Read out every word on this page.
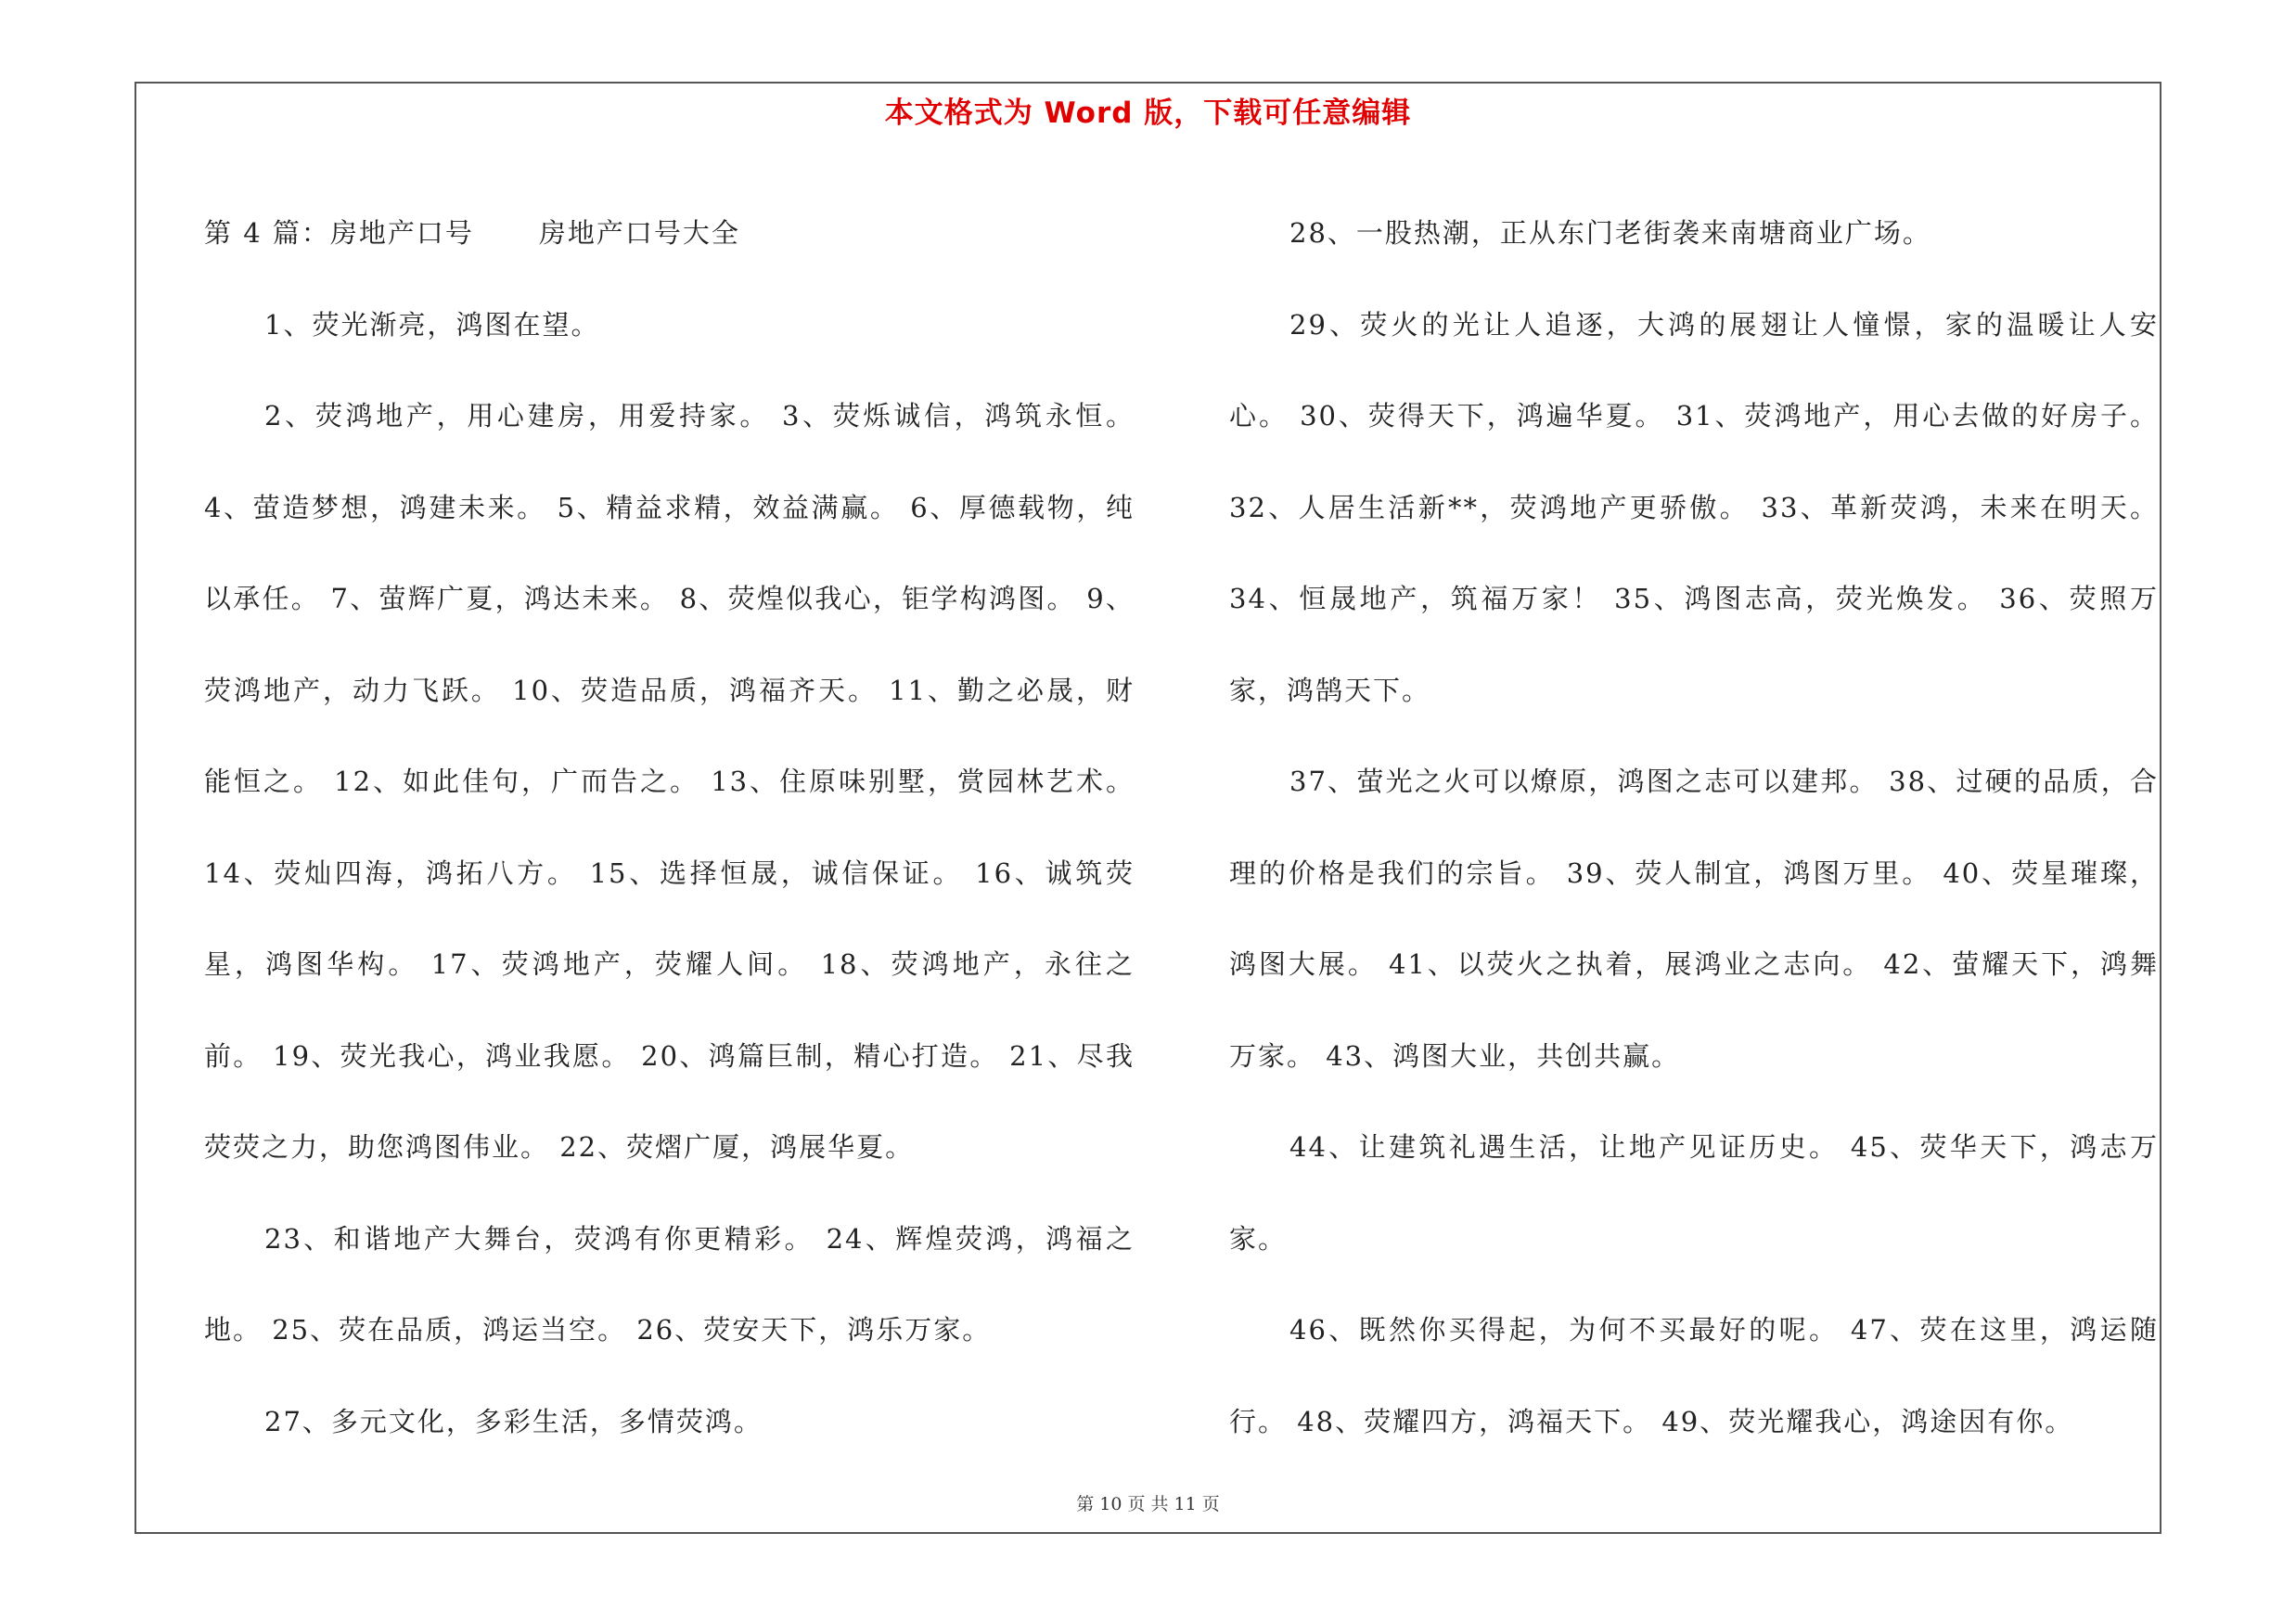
本文格式为 Word 版，下载可任意编辑

第 4 篇：房地产口号 房地产口号大全

1、荧光渐亮，鸿图在望。

2、荧鸿地产，用心建房，用爱持家。 3、荧烁诚信，鸿筑永恒。 4、萤造梦想，鸿建未来。 5、精益求精，效益满赢。 6、厚德载物，纯以承任。 7、萤辉广夏，鸿达未来。 8、荧煌似我心，钜学构鸿图。 9、荧鸿地产，动力飞跃。 10、荧造品质，鸿福齐天。 11、勤之必晟，财能恒之。 12、如此佳句，广而告之。 13、住原味别墅，赏园林艺术。 14、荧灿四海，鸿拓八方。 15、选择恒晟，诚信保证。 16、诚筑荧星，鸿图华构。 17、荧鸿地产，荧耀人间。 18、荧鸿地产，永往之前。 19、荧光我心，鸿业我愿。 20、鸿篇巨制，精心打造。 21、尽我荧荧之力，助您鸿图伟业。 22、荧熠广厦，鸿展华夏。

23、和谐地产大舞台，荧鸿有你更精彩。 24、辉煌荧鸿，鸿福之地。 25、荧在品质，鸿运当空。 26、荧安天下，鸿乐万家。

27、多元文化，多彩生活，多情荧鸿。

28、一股热潮，正从东门老街袭来南塘商业广场。

29、荧火的光让人追逐，大鸿的展翅让人憧憬，家的温暖让人安心。 30、荧得天下，鸿遍华夏。 31、荧鸿地产，用心去做的好房子。 32、人居生活新**，荧鸿地产更骄傲。 33、革新荧鸿，未来在明天。 34、恒晟地产，筑福万家！ 35、鸿图志高，荧光焕发。 36、荧照万家，鸿鹄天下。

37、萤光之火可以燎原，鸿图之志可以建邦。 38、过硬的品质，合理的价格是我们的宗旨。 39、荧人制宜，鸿图万里。 40、荧星璀璨，鸿图大展。 41、以荧火之执着，展鸿业之志向。 42、萤耀天下，鸿舞万家。 43、鸿图大业，共创共赢。

44、让建筑礼遇生活，让地产见证历史。 45、荧华天下，鸿志万家。

46、既然你买得起，为何不买最好的呢。 47、荧在这里，鸿运随行。 48、荧耀四方，鸿福天下。 49、荧光耀我心，鸿途因有你。

第 10 页 共 11 页
